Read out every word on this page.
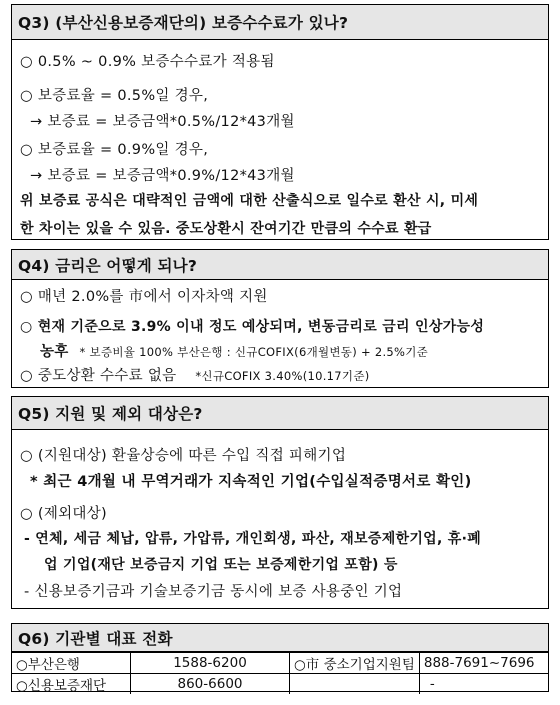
Q3) (부산신용보증재단의) 보증수수료가 있나?
○ 0.5% ~ 0.9% 보증수수료가 적용됨
○ 보증료율 = 0.5%일 경우,
→ 보증료 = 보증금액*0.5%/12*43개월
○ 보증료율 = 0.9%일 경우,
→ 보증료 = 보증금액*0.9%/12*43개월
위 보증료 공식은 대략적인 금액에 대한 산출식으로 일수로 환산 시, 미세
한 차이는 있을 수 있음. 중도상환시 잔여기간 만큼의 수수료 환급
Q4) 금리은 어떻게 되나?
○ 매년 2.0%를 市에서 이자차액 지원
○ 현재 기준으로 3.9% 이내 정도 예상되며, 변동금리로 금리 인상가능성
농후 * 보증비율 100% 부산은행 : 신규COFIX(6개월변동) + 2.5%기준
○ 중도상환 수수료 없음 *신규COFIX 3.40%(10.17기준)
Q5) 지원 및 제외 대상은?
○ (지원대상) 환율상승에 따른 수입 직접 피해기업
* 최근 4개월 내 무역거래가 지속적인 기업(수입실적증명서로 확인)
○ (제외대상)
- 연체, 세금 체납, 압류, 가압류, 개인회생, 파산, 재보증제한기업, 휴·폐
업 기업(재단 보증금지 기업 또는 보증제한기업 포함) 등
- 신용보증기금과 기술보증기금 동시에 보증 사용중인 기업
Q6) 기관별 대표 전화
○부산은행	1588-6200	○市 중소기업지원팀	888-7691~7696
○신용보증재단	860-6600		-
